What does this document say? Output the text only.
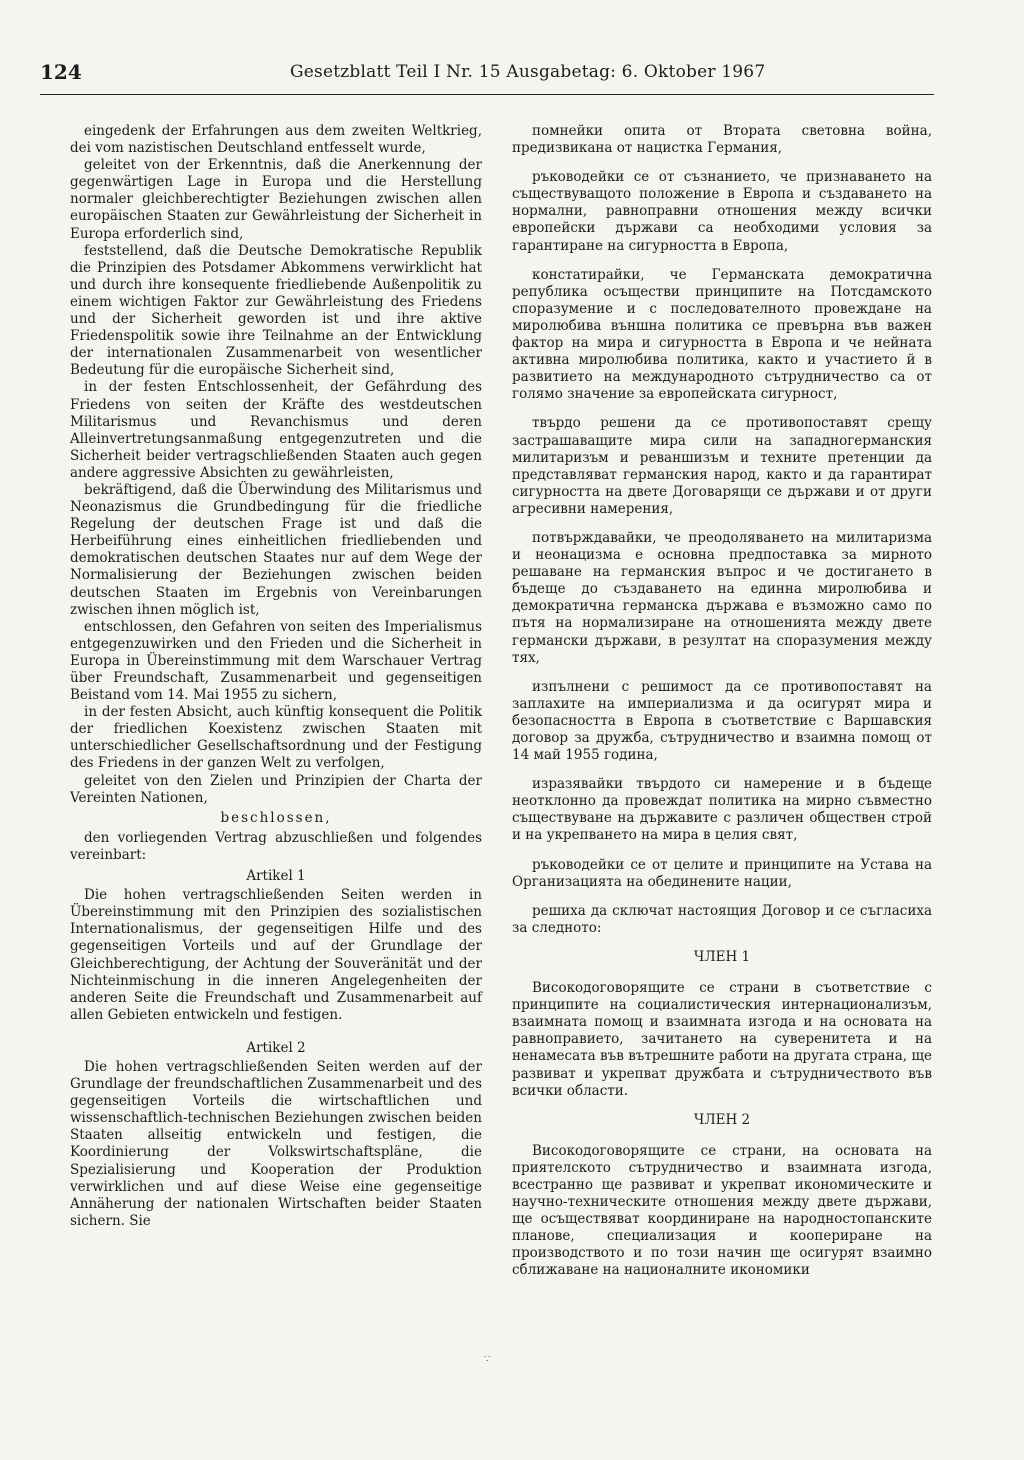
124	Gesetzblatt Teil I Nr. 15 Ausgabetag: 6. Oktober 1967

eingedenk der Erfahrungen aus dem zweiten Weltkrieg, dei vom nazistischen Deutschland entfesselt wurde,

geleitet von der Erkenntnis, daß die Anerkennung der gegenwärtigen Lage in Europa und die Herstellung normaler gleichberechtigter Beziehungen zwischen allen europäischen Staaten zur Gewährleistung der Sicherheit in Europa erforderlich sind,

feststellend, daß die Deutsche Demokratische Republik die Prinzipien des Potsdamer Abkommens verwirklicht hat und durch ihre konsequente friedliebende Außenpolitik zu einem wichtigen Faktor zur Gewährleistung des Friedens und der Sicherheit geworden ist und ihre aktive Friedenspolitik sowie ihre Teilnahme an der Entwicklung der internationalen Zusammenarbeit von wesentlicher Bedeutung für die europäische Sicherheit sind,

in der festen Entschlossenheit, der Gefährdung des Friedens von seiten der Kräfte des westdeutschen Militarismus und Revanchismus und deren Alleinvertretungsanmaßung entgegenzutreten und die Sicherheit beider vertragschließenden Staaten auch gegen andere aggressive Absichten zu gewährleisten,

bekräftigend, daß die Überwindung des Militarismus und Neonazismus die Grundbedingung für die friedliche Regelung der deutschen Frage ist und daß die Herbeiführung eines einheitlichen friedliebenden und demokratischen deutschen Staates nur auf dem Wege der Normalisierung der Beziehungen zwischen beiden deutschen Staaten im Ergebnis von Vereinbarungen zwischen ihnen möglich ist,

entschlossen, den Gefahren von seiten des Imperialismus entgegenzuwirken und den Frieden und die Sicherheit in Europa in Übereinstimmung mit dem Warschauer Vertrag über Freundschaft, Zusammenarbeit und gegenseitigen Beistand vom 14. Mai 1955 zu sichern,

in der festen Absicht, auch künftig konsequent die Politik der friedlichen Koexistenz zwischen Staaten mit unterschiedlicher Gesellschaftsordnung und der Festigung des Friedens in der ganzen Welt zu verfolgen,

geleitet von den Zielen und Prinzipien der Charta der Vereinten Nationen,

beschlossen,

den vorliegenden Vertrag abzuschließen und folgendes vereinbart:

Artikel 1

Die hohen vertragschließenden Seiten werden in Übereinstimmung mit den Prinzipien des sozialistischen Internationalismus, der gegenseitigen Hilfe und des gegenseitigen Vorteils und auf der Grundlage der Gleichberechtigung, der Achtung der Souveränität und der Nichteinmischung in die inneren Angelegenheiten der anderen Seite die Freundschaft und Zusammenarbeit auf allen Gebieten entwickeln und festigen.

Artikel 2

Die hohen vertragschließenden Seiten werden auf der Grundlage der freundschaftlichen Zusammenarbeit und des gegenseitigen Vorteils die wirtschaftlichen und wissenschaftlich-technischen Beziehungen zwischen beiden Staaten allseitig entwickeln und festigen, die Koordinierung der Volkswirtschaftspläne, die Spezialisierung und Kooperation der Produktion verwirklichen und auf diese Weise eine gegenseitige Annäherung der nationalen Wirtschaften beider Staaten sichern. Sie

помнейки опита от Втората световна война, предизвикана от нацистка Германия,

ръководейки се от съзнанието, че признаването на съществуващото положение в Европа и създаването на нормални, равноправни отношения между всички европейски държави са необходими условия за гарантиране на сигурността в Европа,

констатирайки, че Германската демократична република осъществи принципите на Потсдамското споразумение и с последователното провеждане на миролюбива външна политика се превърна във важен фактор на мира и сигурността в Европа и че нейната активна миролюбива политика, както и участието й в развитието на международното сътрудничество са от голямо значение за европейската сигурност,

твърдо решени да се противопоставят срещу застрашаващите мира сили на западногерманския милитаризъм и реваншизъм и техните претенции да представляват германския народ, както и да гарантират сигурността на двете Договарящи се държави и от други агресивни намерения,

потвърждавайки, че преодоляването на милитаризма и неонацизма е основна предпоставка за мирното решаване на германския въпрос и че достигането в бъдеще до създаването на единна миролюбива и демократична германска държава е възможно само по пътя на нормализиране на отношенията между двете германски държави, в резултат на споразумения между тях,

изпълнени с решимост да се противопоставят на заплахите на империализма и да осигурят мира и безопасността в Европа в съответствие с Варшавския договор за дружба, сътрудничество и взаимна помощ от 14 май 1955 година,

изразявайки твърдото си намерение и в бъдеще неотклонно да провеждат политика на мирно съвместно съществуване на държавите с различен обществен строй и на укрепването на мира в целия свят,

ръководейки се от целите и принципите на Устава на Организацията на обединените нации,

решиха да сключат настоящия Договор и се съгласиха за следното:

ЧЛЕН 1

Високодоговорящите се страни в съответствие с принципите на социалистическия интернационализъм, взаимната помощ и взаимната изгода и на основата на равноправието, зачитането на суверенитета и на ненамесата във вътрешните работи на другата страна, ще развиват и укрепват дружбата и сътрудничеството във всички области.

ЧЛЕН 2

Високодоговорящите се страни, на основата на приятелското сътрудничество и взаимната изгода, всестранно ще развиват и укрепват икономическите и научно-техническите отношения между двете държави, ще осъществяват координиране на народностопанските планове, специализация и коопериране на производството и по този начин ще осигурят взаимно сближаване на националните икономики

∵
